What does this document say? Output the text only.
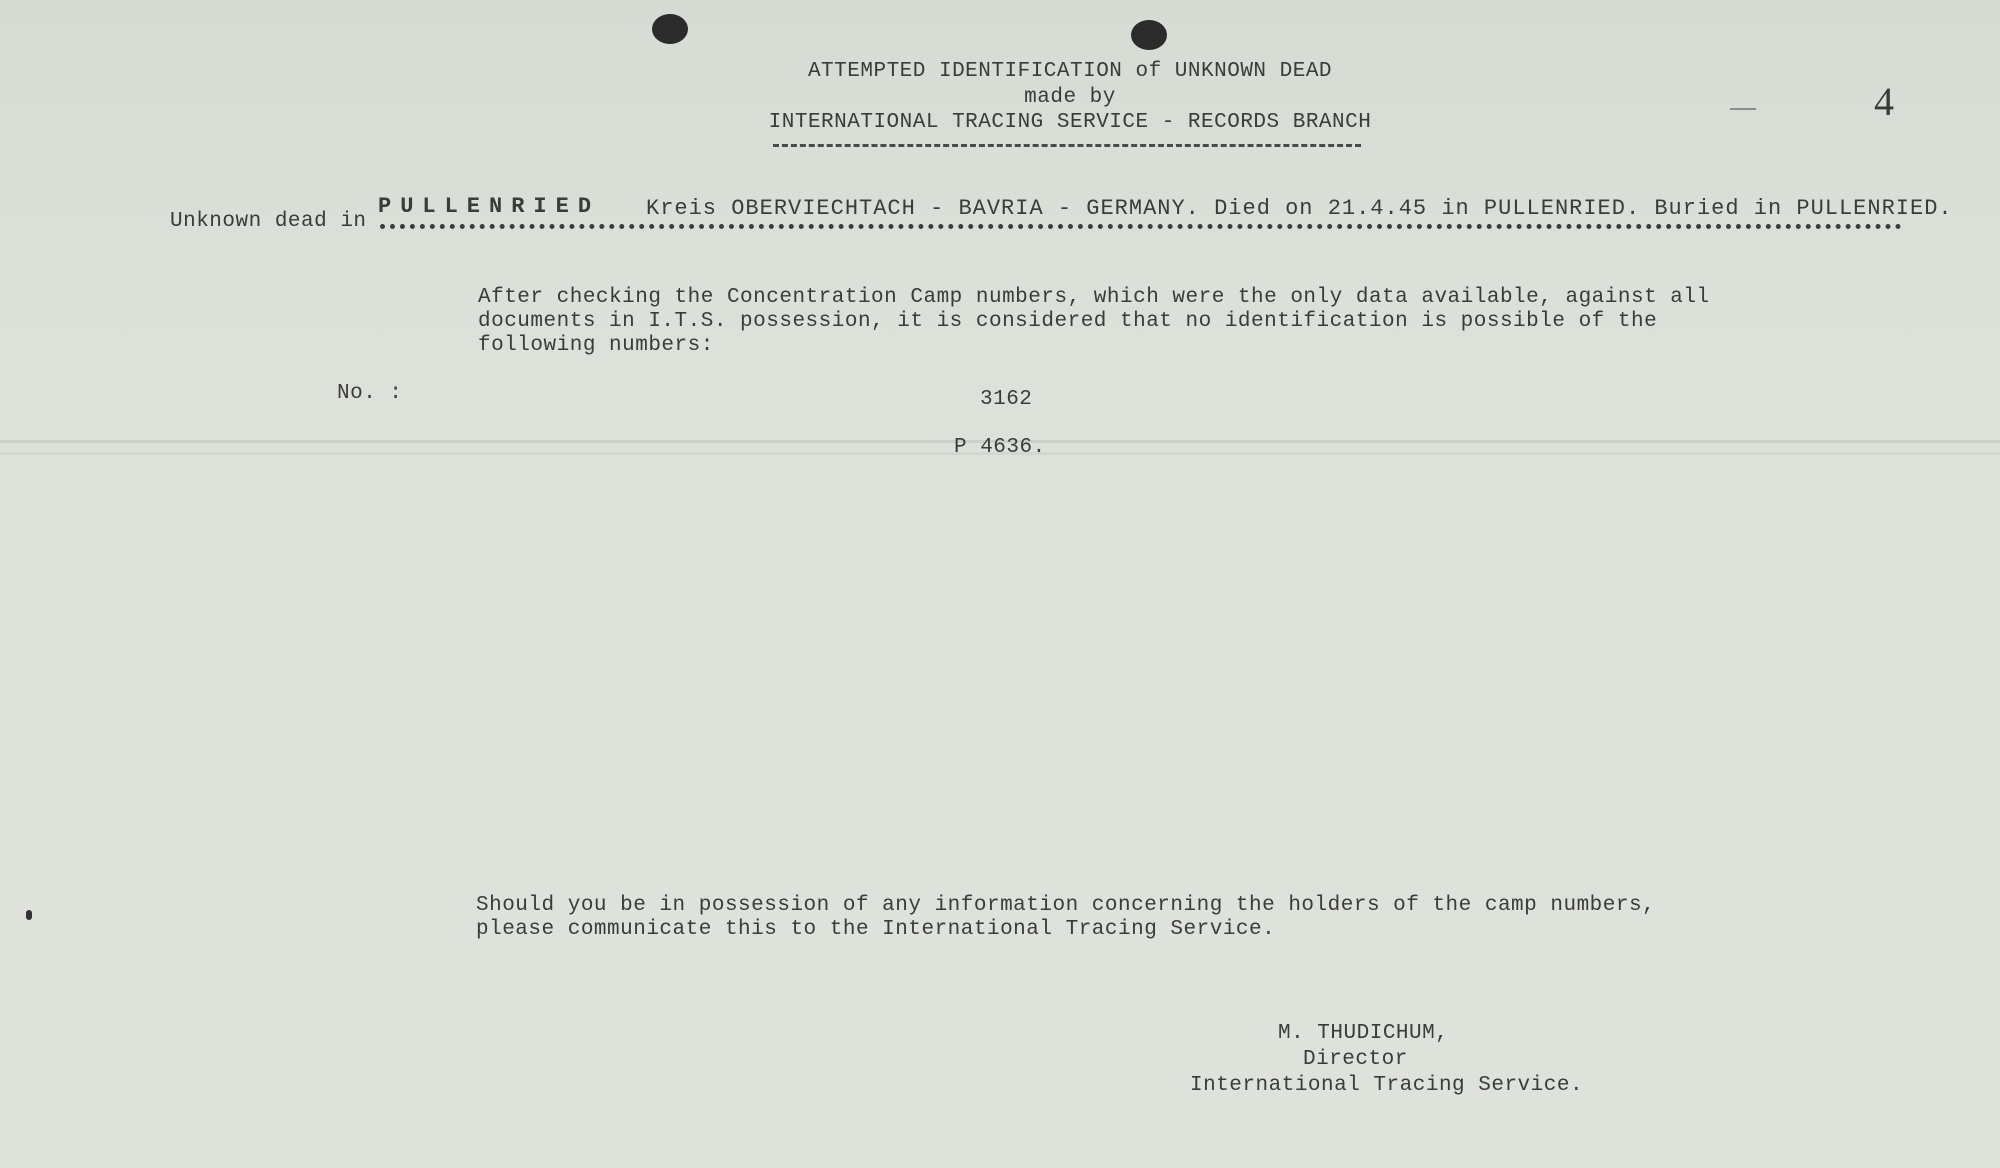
ATTEMPTED IDENTIFICATION of UNKNOWN DEAD
made by
INTERNATIONAL TRACING SERVICE - RECORDS BRANCH	4
Unknown dead in
PULLENRIED Kreis OBERVIECHTACH - BAVRIA - GERMANY. Died on 21.4.45 in PULLENRIED. Buried in PULLENRIED.
After checking the Concentration Camp numbers, which were the only data available, against all
documents in I.T.S. possession, it is considered that no identification is possible of the
following numbers:
No. :	3162
P 4636.
Should you be in possession of any information concerning the holders of the camp numbers,
please communicate this to the International Tracing Service.
M. THUDICHUM,
Director
International Tracing Service.
